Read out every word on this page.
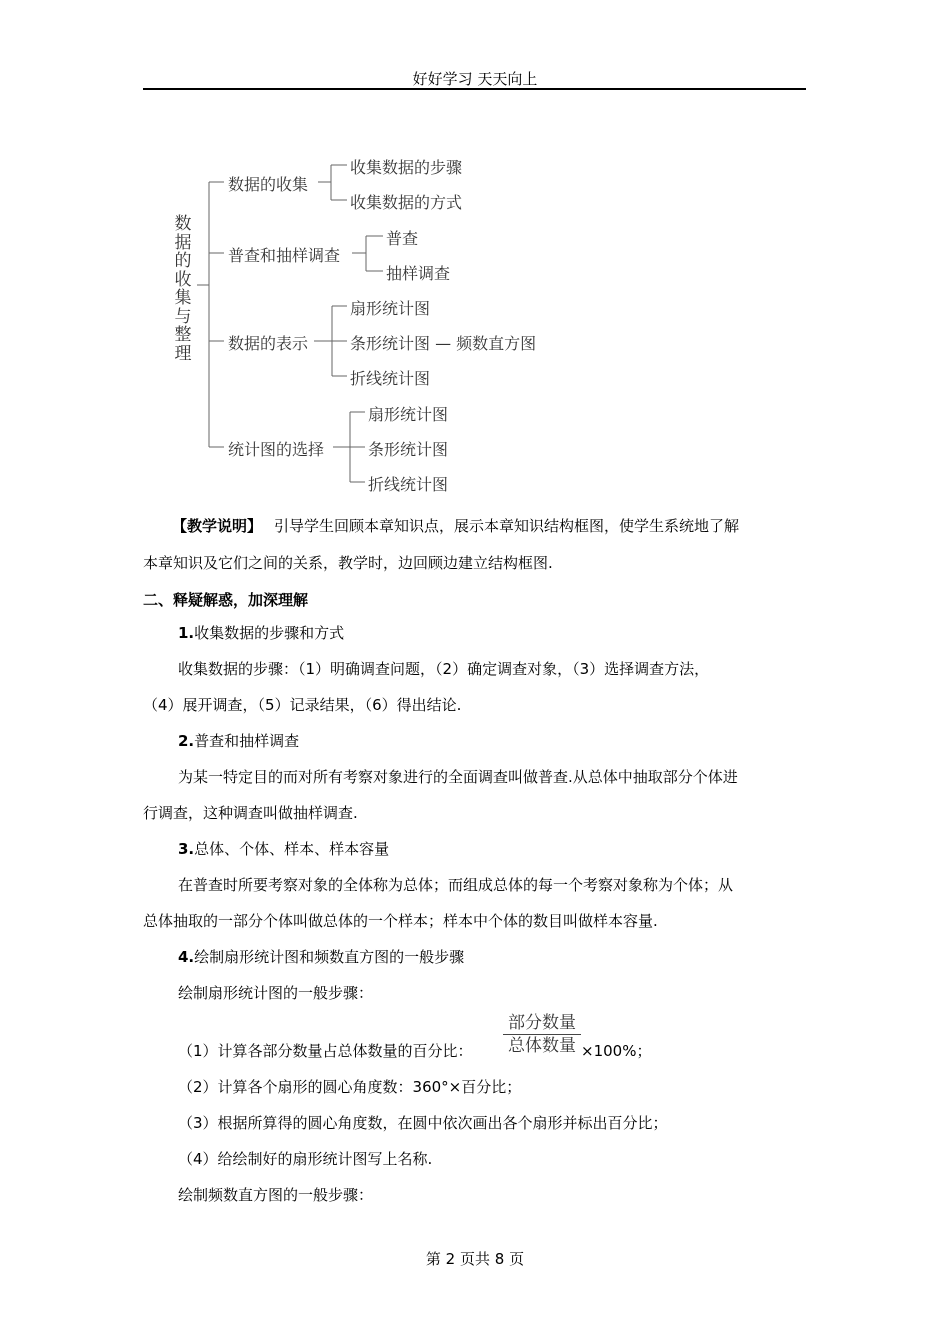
好好学习 天天向上
数据的收集与整理
数据的收集
收集数据的步骤
收集数据的方式
普查和抽样调查
普查
抽样调查
数据的表示
扇形统计图
条形统计图 — 频数直方图
折线统计图
统计图的选择
扇形统计图
条形统计图
折线统计图
【教学说明】 引导学生回顾本章知识点，展示本章知识结构框图，使学生系统地了解
本章知识及它们之间的关系，教学时，边回顾边建立结构框图.
二、释疑解惑，加深理解
1.收集数据的步骤和方式
收集数据的步骤：（1）明确调查问题，（2）确定调查对象，（3）选择调查方法，
（4）展开调查，（5）记录结果，（6）得出结论.
2.普查和抽样调查
为某一特定目的而对所有考察对象进行的全面调查叫做普查.从总体中抽取部分个体进
行调查，这种调查叫做抽样调查.
3.总体、个体、样本、样本容量
在普查时所要考察对象的全体称为总体；而组成总体的每一个考察对象称为个体；从
总体抽取的一部分个体叫做总体的一个样本；样本中个体的数目叫做样本容量.
4.绘制扇形统计图和频数直方图的一般步骤
绘制扇形统计图的一般步骤：
（1）计算各部分数量占总体数量的百分比：
部分数量
总体数量 ×100%；
（2）计算各个扇形的圆心角度数：360°×百分比；
（3）根据所算得的圆心角度数，在圆中依次画出各个扇形并标出百分比；
（4）给绘制好的扇形统计图写上名称.
绘制频数直方图的一般步骤：
第 2 页共 8 页
